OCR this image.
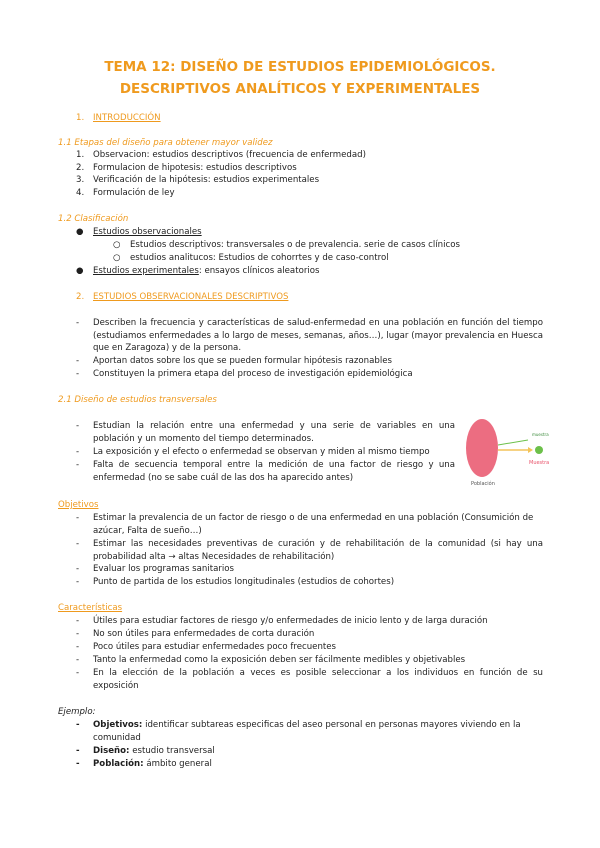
TEMA 12: DISEÑO DE ESTUDIOS EPIDEMIOLÓGICOS.
DESCRIPTIVOS ANALÍTICOS Y EXPERIMENTALES
1. INTRODUCCIÓN
1.1 Etapas del diseño para obtener mayor validez
1. Observacion: estudios descriptivos (frecuencia de enfermedad)
2. Formulacion de hipotesis: estudios descriptivos
3. Verificación de la hipótesis: estudios experimentales
4. Formulación de ley
1.2 Clasificación
● Estudios observacionales
○ Estudios descriptivos: transversales o de prevalencia. serie de casos clínicos
○ estudios analitucos: Estudios de cohorrtes y de caso-control
● Estudios experimentales: ensayos clínicos aleatorios
2. ESTUDIOS OBSERVACIONALES DESCRIPTIVOS
- Describen la frecuencia y características de salud-enfermedad en una población en función del tiempo (estudiamos enfermedades a lo largo de meses, semanas, años…), lugar (mayor prevalencia en Huesca que en Zaragoza) y de la persona.
- Aportan datos sobre los que se pueden formular hipótesis razonables
- Constituyen la primera etapa del proceso de investigación epidemiológica
2.1 Diseño de estudios transversales
- Estudian la relación entre una enfermedad y una serie de variables en una población y un momento del tiempo determinados.
- La exposición y el efecto o enfermedad se observan y miden al mismo tiempo
- Falta de secuencia temporal entre la medición de una factor de riesgo y una enfermedad (no se sabe cuál de las dos ha aparecido antes)
muestra
Muestra
Población
Objetivos
- Estimar la prevalencia de un factor de riesgo o de una enfermedad en una población (Consumición de azúcar, Falta de sueño…)
- Estimar las necesidades preventivas de curación y de rehabilitación de la comunidad (si hay una probabilidad alta → altas Necesidades de rehabilitación)
- Evaluar los programas sanitarios
- Punto de partida de los estudios longitudinales (estudios de cohortes)
Características
- Útiles para estudiar factores de riesgo y/o enfermedades de inicio lento y de larga duración
- No son útiles para enfermedades de corta duración
- Poco útiles para estudiar enfermedades poco frecuentes
- Tanto la enfermedad como la exposición deben ser fácilmente medibles y objetivables
- En la elección de la población a veces es posible seleccionar a los individuos en función de su exposición
Ejemplo:
- Objetivos: identificar subtareas especificas del aseo personal en personas mayores viviendo en la comunidad
- Diseño: estudio transversal
- Población: ámbito general
